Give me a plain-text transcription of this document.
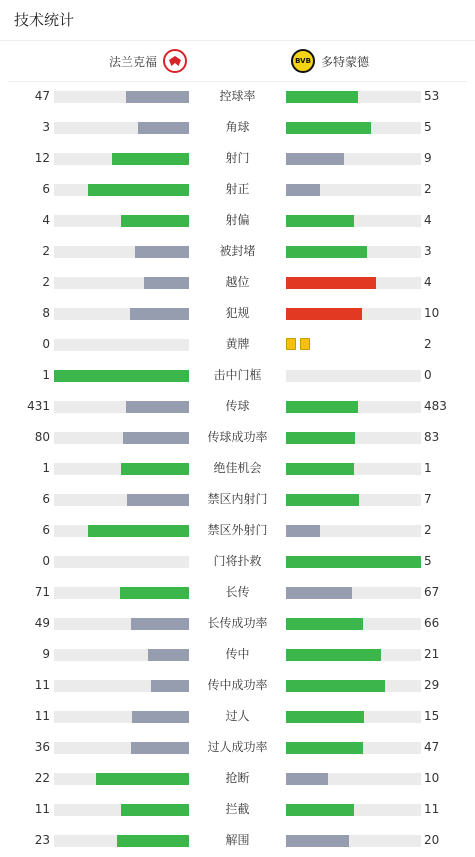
技术统计
法兰克福	BVB 多特蒙德
47	控球率	53
3	角球	5
12	射门	9
6	射正	2
4	射偏	4
2	被封堵	3
2	越位	4
8	犯规	10
0	黄牌	2
1	击中门框	0
431	传球	483
80	传球成功率	83
1	绝佳机会	1
6	禁区内射门	7
6	禁区外射门	2
0	门将扑救	5
71	长传	67
49	长传成功率	66
9	传中	21
11	传中成功率	29
11	过人	15
36	过人成功率	47
22	抢断	10
11	拦截	11
23	解围	20
